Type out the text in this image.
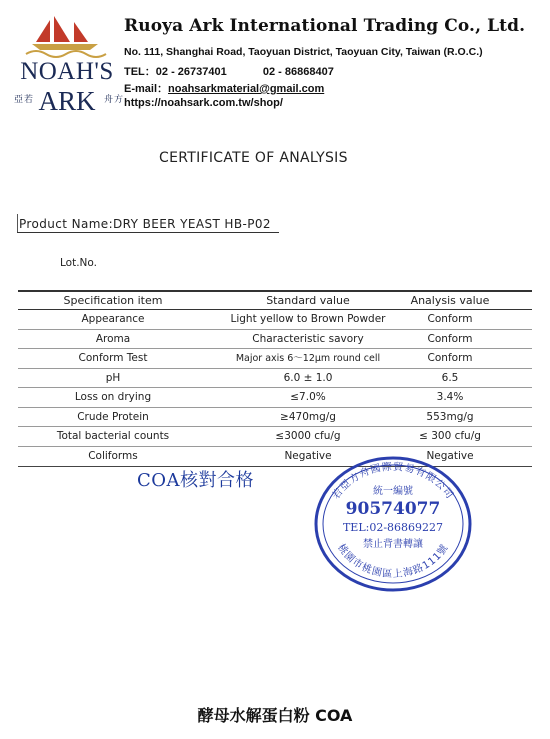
NOAH'S
若亞 ARK	方舟
Ruoya Ark International Trading Co., Ltd.
No. 111, Shanghai Road, Taoyuan District, Taoyuan City, Taiwan (R.O.C.)
TEL：02 - 26737401	02 - 86868407
E-mail：noahsarkmaterial@gmail.com
https://noahsark.com.tw/shop/
CERTIFICATE OF ANALYSIS
Product Name:DRY BEER YEAST HB-P02
Lot.No.
Specification item	Standard value	Analysis value
Appearance	Light yellow to Brown Powder	Conform
Aroma	Characteristic savory	Conform
Conform Test	Major axis 6～12μm round cell	Conform
pH	6.0 ± 1.0	6.5
Loss on drying	≤7.0%	3.4%
Crude Protein	≥470mg/g	553mg/g
Total bacterial counts	≤3000 cfu/g	≤ 300 cfu/g
Coliforms	Negative	Negative
COA核對合格
若亞方舟國際貿易有限公司
桃園市桃園區上海路111號
統一編號
90574077
TEL:02-86869227
禁止背書轉讓
酵母水解蛋白粉 COA
